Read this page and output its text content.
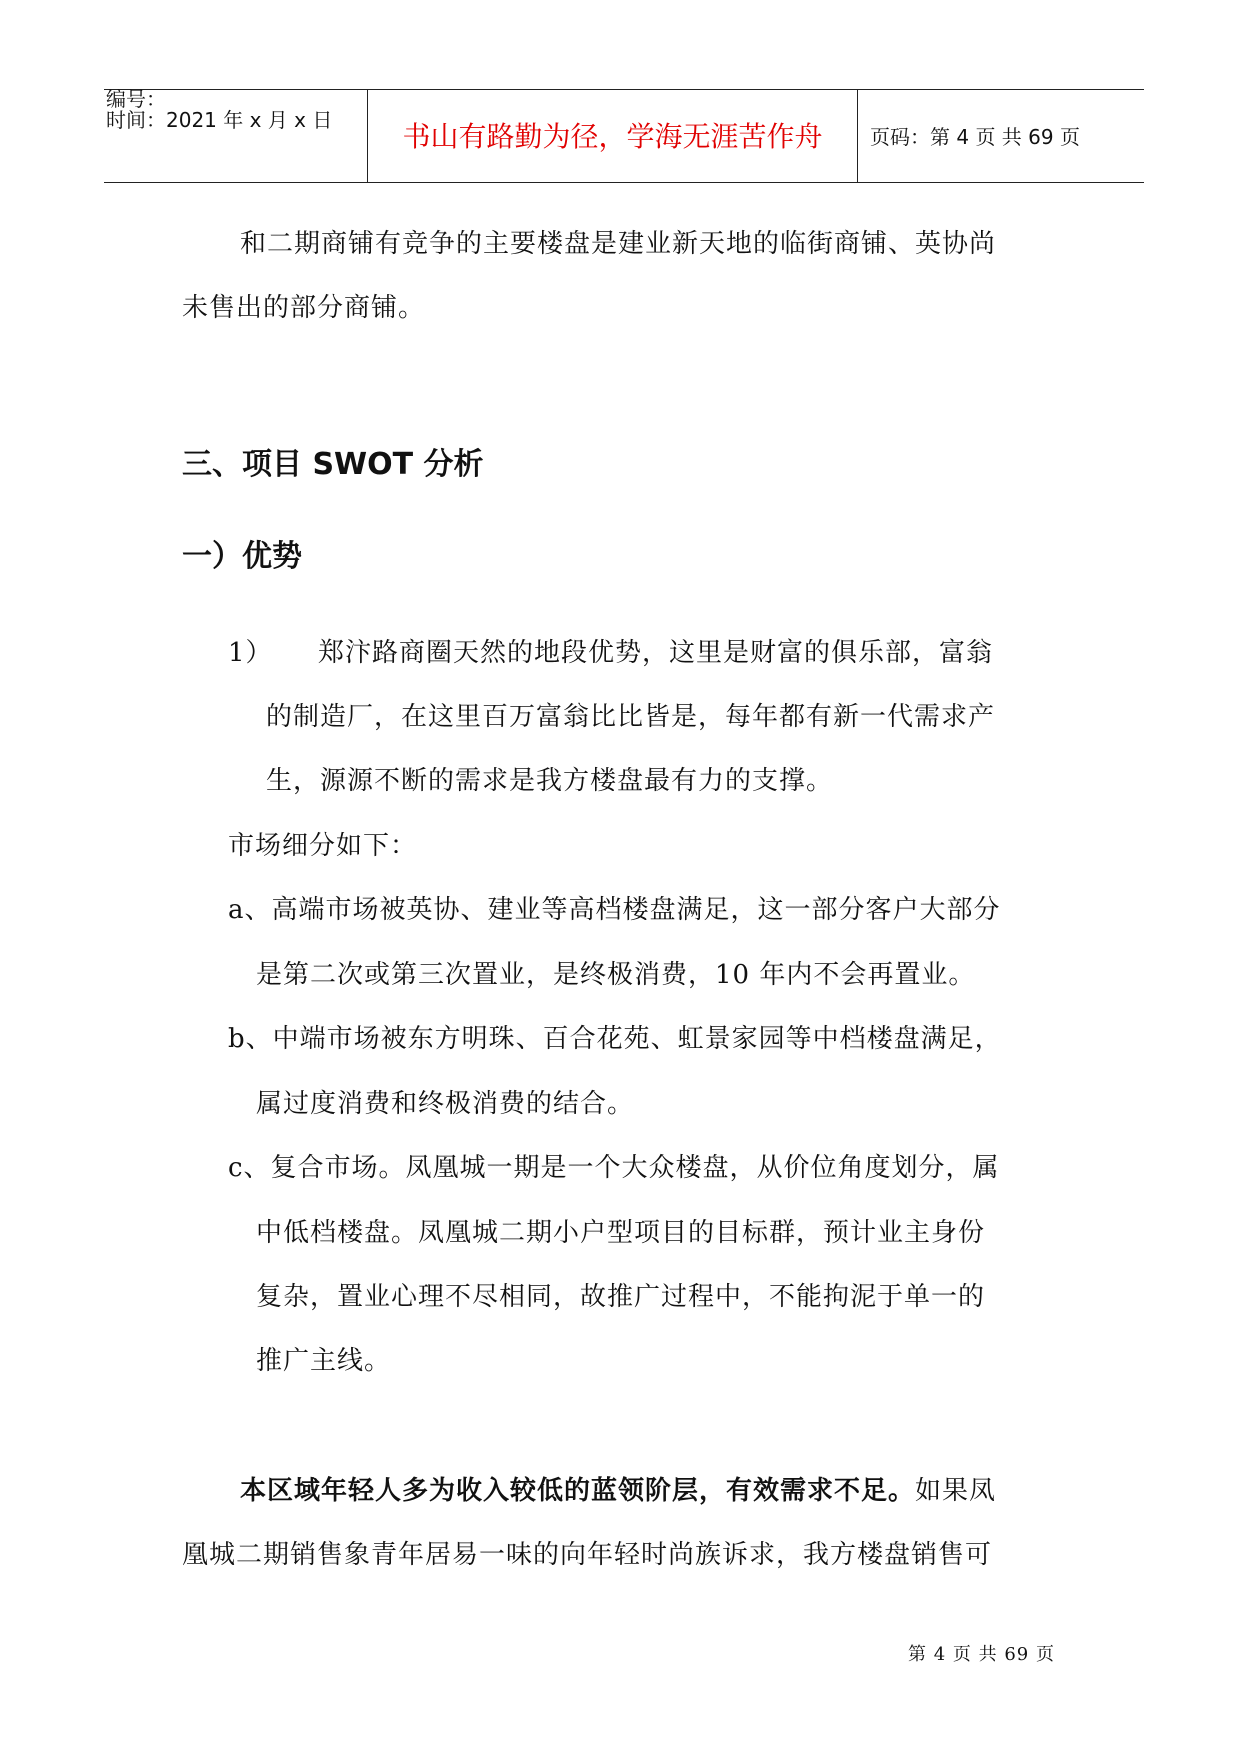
编号：
时间：2021 年 x 月 x 日	书山有路勤为径，学海无涯苦作舟	页码：第 4 页 共 69 页
和二期商铺有竞争的主要楼盘是建业新天地的临街商铺、英协尚
未售出的部分商铺。
三、项目 SWOT 分析
一）优势
1） 郑汴路商圈天然的地段优势，这里是财富的俱乐部，富翁
的制造厂，在这里百万富翁比比皆是，每年都有新一代需求产
生，源源不断的需求是我方楼盘最有力的支撑。
市场细分如下：
a、高端市场被英协、建业等高档楼盘满足，这一部分客户大部分
是第二次或第三次置业，是终极消费，10 年内不会再置业。
b、中端市场被东方明珠、百合花苑、虹景家园等中档楼盘满足，
属过度消费和终极消费的结合。
c、复合市场。凤凰城一期是一个大众楼盘，从价位角度划分，属
中低档楼盘。凤凰城二期小户型项目的目标群，预计业主身份
复杂，置业心理不尽相同，故推广过程中，不能拘泥于单一的
推广主线。
本区域年轻人多为收入较低的蓝领阶层，有效需求不足。如果凤
凰城二期销售象青年居易一味的向年轻时尚族诉求，我方楼盘销售可
第 4 页 共 69 页
